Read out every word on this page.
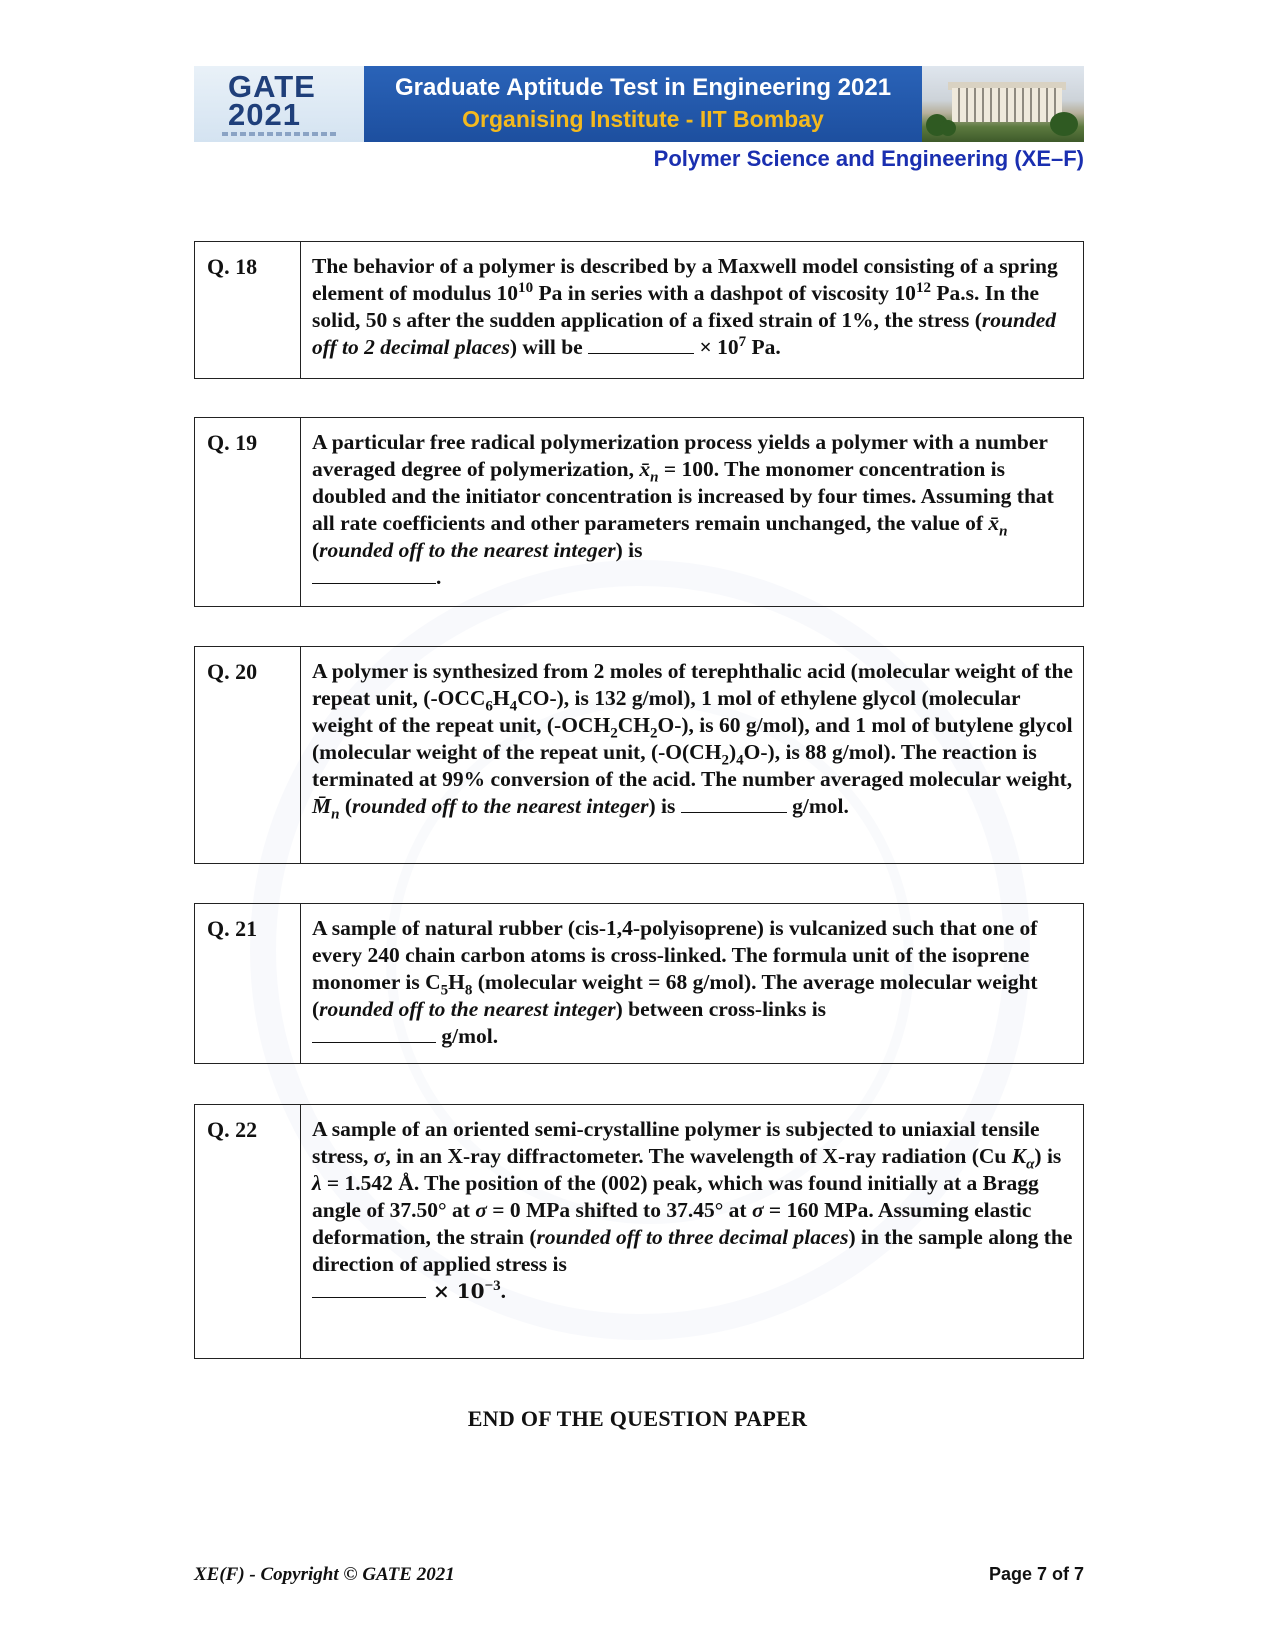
GATE
2021
Graduate Aptitude Test in Engineering 2021
Organising Institute - IIT Bombay
Polymer Science and Engineering (XE–F)
Q. 18	The behavior of a polymer is described by a Maxwell model consisting of a spring element of modulus $10^{10}$ Pa in series with a dashpot of viscosity $10^{12}$ Pa.s. In the solid, 50 s after the sudden application of a fixed strain of 1%, the stress (rounded off to 2 decimal places) will be	× $10^7$ Pa.
Q. 19	A particular free radical polymerization process yields a polymer with a number averaged degree of polymerization, $x̄_n = 100$. The monomer concentration is doubled and the initiator concentration is increased by four times. Assuming that all rate coefficients and other parameters remain unchanged, the value of $x̄_n$ (rounded off to the nearest integer) is
.
Q. 20	A polymer is synthesized from 2 moles of terephthalic acid (molecular weight of the repeat unit, $(-OCC_6H_4CO-)$, is 132 g/mol), 1 mol of ethylene glycol (molecular weight of the repeat unit, $(-OCH_2CH_2O-)$, is 60 g/mol), and 1 mol of butylene glycol (molecular weight of the repeat unit, $(-O(CH_2)_4O-)$, is 88 g/mol). The reaction is terminated at 99% conversion of the acid. The number averaged molecular weight, $M̄_n$ (rounded off to the nearest integer) is	g/mol.
Q. 21	A sample of natural rubber (cis-1,4-polyisoprene) is vulcanized such that one of every 240 chain carbon atoms is cross-linked. The formula unit of the isoprene monomer is $C_5H_8$ (molecular weight = 68 g/mol). The average molecular weight (rounded off to the nearest integer) between cross-links is
g/mol.
Q. 22	A sample of an oriented semi-crystalline polymer is subjected to uniaxial tensile stress, σ, in an X-ray diffractometer. The wavelength of X-ray radiation (Cu $K_\alpha$) is λ = 1.542 Å. The position of the (002) peak, which was found initially at a Bragg angle of 37.50° at σ = 0 MPa shifted to 37.45° at σ = 160 MPa. Assuming elastic deformation, the strain (rounded off to three decimal places) in the sample along the direction of applied stress is
× $10^{-3}$.
END OF THE QUESTION PAPER
XE(F) - Copyright © GATE 2021	Page 7 of 7
